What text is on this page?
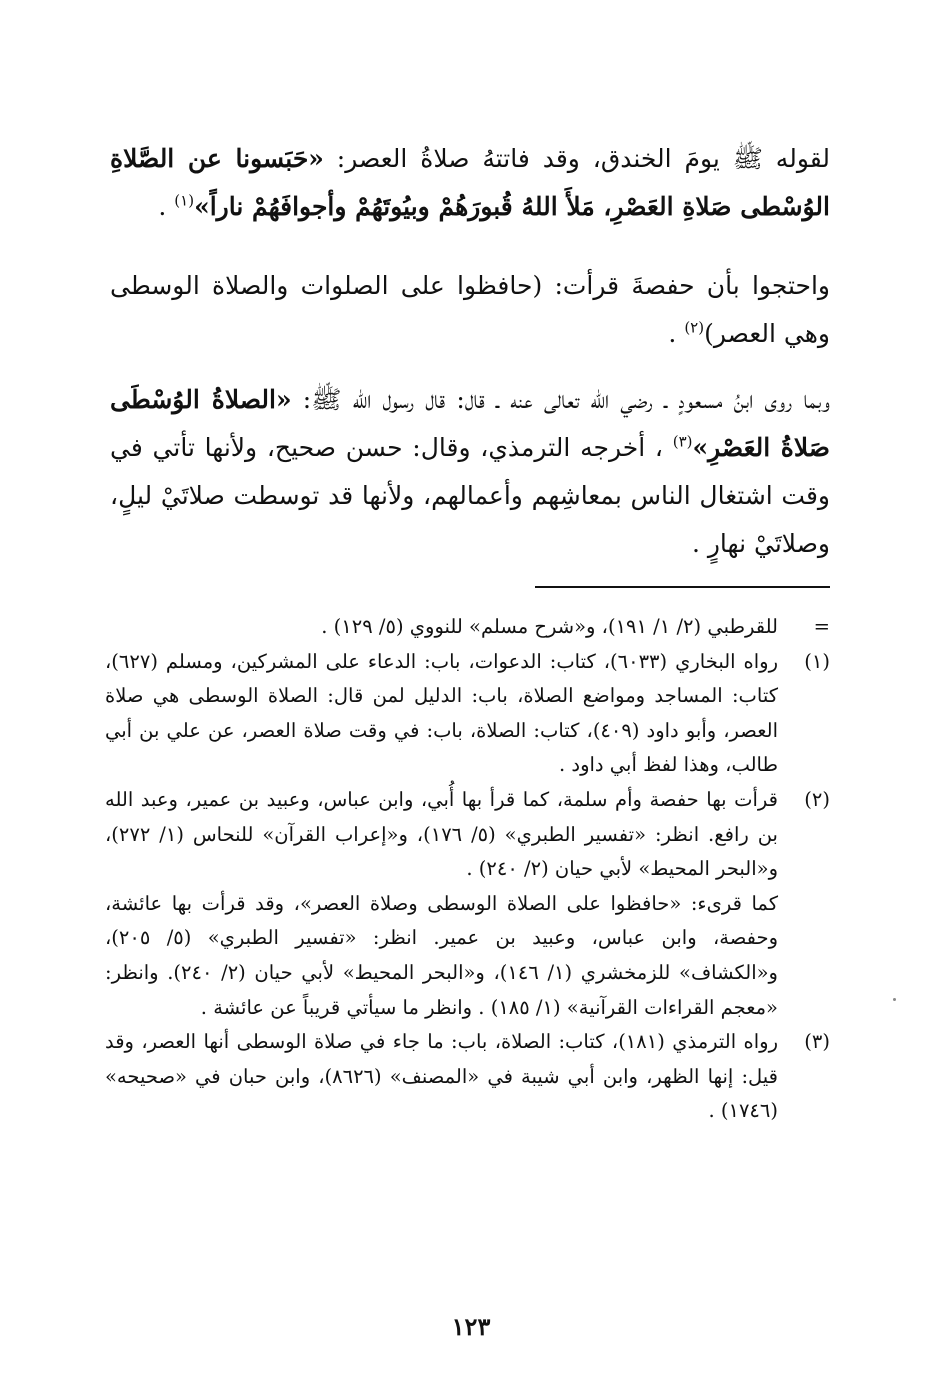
لقوله ﷺ يومَ الخندق، وقد فاتتهُ صلاةُ العصر: «حَبَسونا عن الصَّلاةِ الوُسْطى صَلاةِ العَصْرِ، مَلأَ اللهُ قُبورَهُمْ وبيُوتَهُمْ وأجوافَهُمْ ناراً»$^{(١)}$ .

واحتجوا بأن حفصةَ قرأت: (حافظوا على الصلوات والصلاة الوسطى وهي العصر)$^{(٢)}$ .

وبما روى ابنُ مسعودٍ ـ رضي الله تعالى عنه ـ قال: قال رسول الله ﷺ: «الصلاةُ الوُسْطَى صَلاةُ العَصْرِ»$^{(٣)}$ ، أخرجه الترمذي، وقال: حسن صحيح، ولأنها تأتي في وقت اشتغال الناس بمعاشِهم وأعمالهم، ولأنها قد توسطت صلاتَيْ ليلٍ، وصلاتَيْ نهارٍ .

=

للقرطبي (٢/ ١/ ١٩١)، و«شرح مسلم» للنووي (٥/ ١٢٩) .

(١)

رواه البخاري (٦٠٣٣)، كتاب: الدعوات، باب: الدعاء على المشركين، ومسلم (٦٢٧)، كتاب: المساجد ومواضع الصلاة، باب: الدليل لمن قال: الصلاة الوسطى هي صلاة العصر، وأبو داود (٤٠٩)، كتاب: الصلاة، باب: في وقت صلاة العصر، عن علي بن أبي طالب، وهذا لفظ أبي داود .

(٢)

قرأت بها حفصة وأم سلمة، كما قرأ بها أُبي، وابن عباس، وعبيد بن عمير، وعبد الله بن رافع. انظر: «تفسير الطبري» (٥/ ١٧٦)، و«إعراب القرآن» للنحاس (١/ ٢٧٢)، و«البحر المحيط» لأبي حيان (٢/ ٢٤٠) .

كما قرىء: «حافظوا على الصلاة الوسطى وصلاة العصر»، وقد قرأت بها عائشة، وحفصة، وابن عباس، وعبيد بن عمير. انظر: «تفسير الطبري» (٥/ ٢٠٥)، و«الكشاف» للزمخشري (١/ ١٤٦)، و«البحر المحيط» لأبي حيان (٢/ ٢٤٠). وانظر: «معجم القراءات القرآنية» (١/ ١٨٥) . وانظر ما سيأتي قريباً عن عائشة .

(٣)

رواه الترمذي (١٨١)، كتاب: الصلاة، باب: ما جاء في صلاة الوسطى أنها العصر، وقد قيل: إنها الظهر، وابن أبي شيبة في «المصنف» (٨٦٢٦)، وابن حبان في «صحيحه» (١٧٤٦) .

١٢٣
